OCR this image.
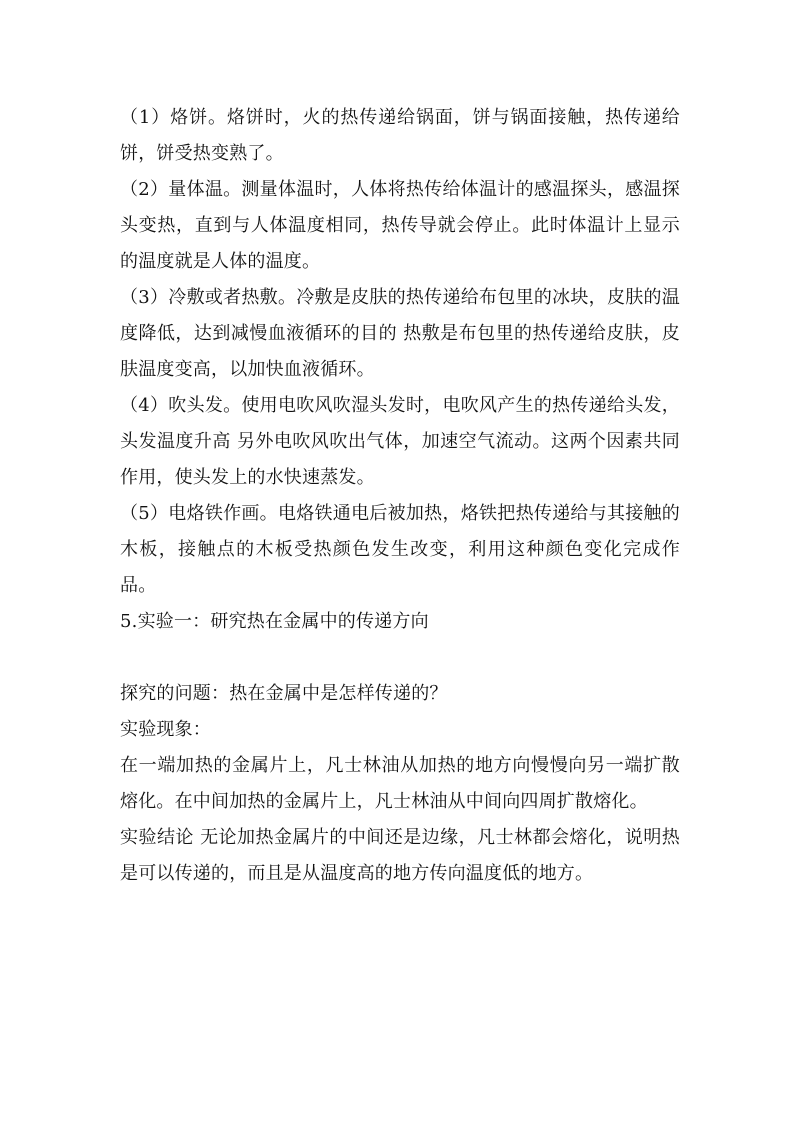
（1）烙饼。烙饼时，火的热传递给锅面，饼与锅面接触，热传递给饼，饼受热变熟了。

（2）量体温。测量体温时，人体将热传给体温计的感温探头，感温探头变热，直到与人体温度相同，热传导就会停止。此时体温计上显示的温度就是人体的温度。

（3）冷敷或者热敷。冷敷是皮肤的热传递给布包里的冰块，皮肤的温度降低，达到减慢血液循环的目的 热敷是布包里的热传递给皮肤，皮肤温度变高，以加快血液循环。

（4）吹头发。使用电吹风吹湿头发时，电吹风产生的热传递给头发，头发温度升高 另外电吹风吹出气体，加速空气流动。这两个因素共同作用，使头发上的水快速蒸发。

（5）电烙铁作画。电烙铁通电后被加热，烙铁把热传递给与其接触的木板，接触点的木板受热颜色发生改变，利用这种颜色变化完成作品。

5.实验一：研究热在金属中的传递方向

探究的问题：热在金属中是怎样传递的？

实验现象：

在一端加热的金属片上，凡士林油从加热的地方向慢慢向另一端扩散熔化。在中间加热的金属片上，凡士林油从中间向四周扩散熔化。

实验结论 无论加热金属片的中间还是边缘，凡士林都会熔化，说明热是可以传递的，而且是从温度高的地方传向温度低的地方。
